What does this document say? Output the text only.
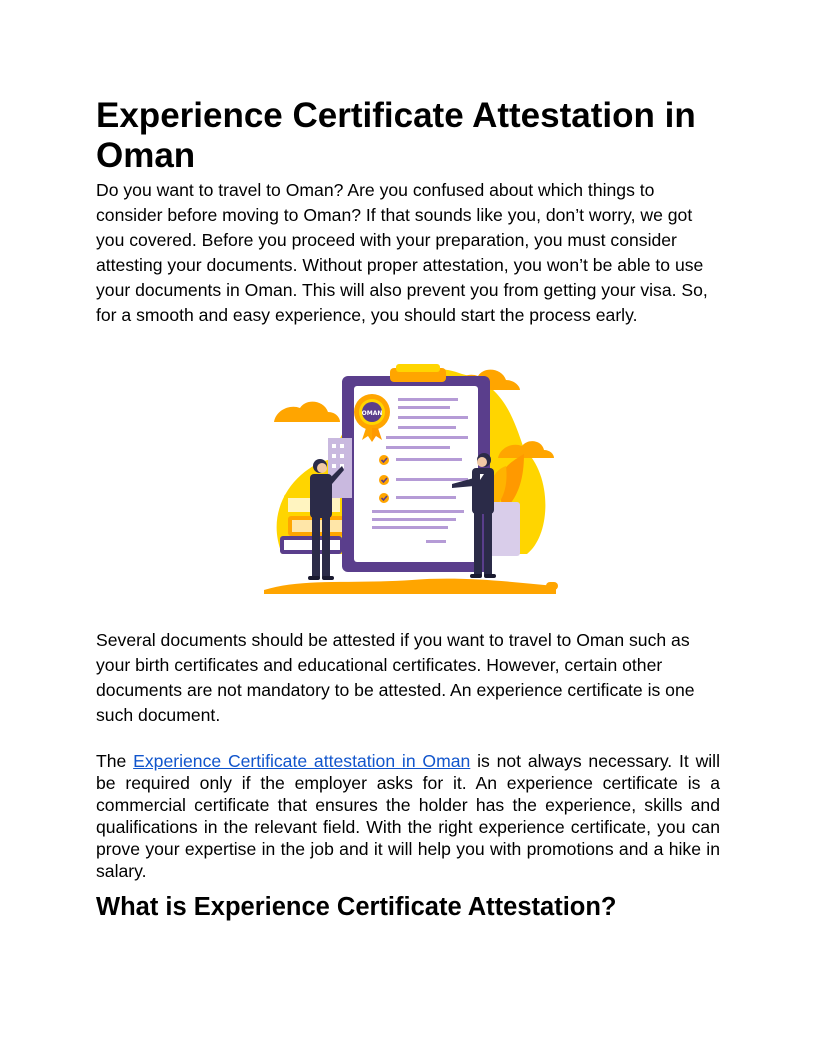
Experience Certificate Attestation in Oman

Do you want to travel to Oman? Are you confused about which things to consider before moving to Oman? If that sounds like you, don’t worry, we got you covered. Before you proceed with your preparation, you must consider attesting your documents. Without proper attestation, you won’t be able to use your documents in Oman. This will also prevent you from getting your visa. So, for a smooth and easy experience, you should start the process early.

OMAN

Several documents should be attested if you want to travel to Oman such as your birth certificates and educational certificates. However, certain other documents are not mandatory to be attested. An experience certificate is one such document.

The Experience Certificate attestation in Oman is not always necessary. It will be required only if the employer asks for it. An experience certificate is a commercial certificate that ensures the holder has the experience, skills and qualifications in the relevant field. With the right experience certificate, you can prove your expertise in the job and it will help you with promotions and a hike in salary.

What is Experience Certificate Attestation?
